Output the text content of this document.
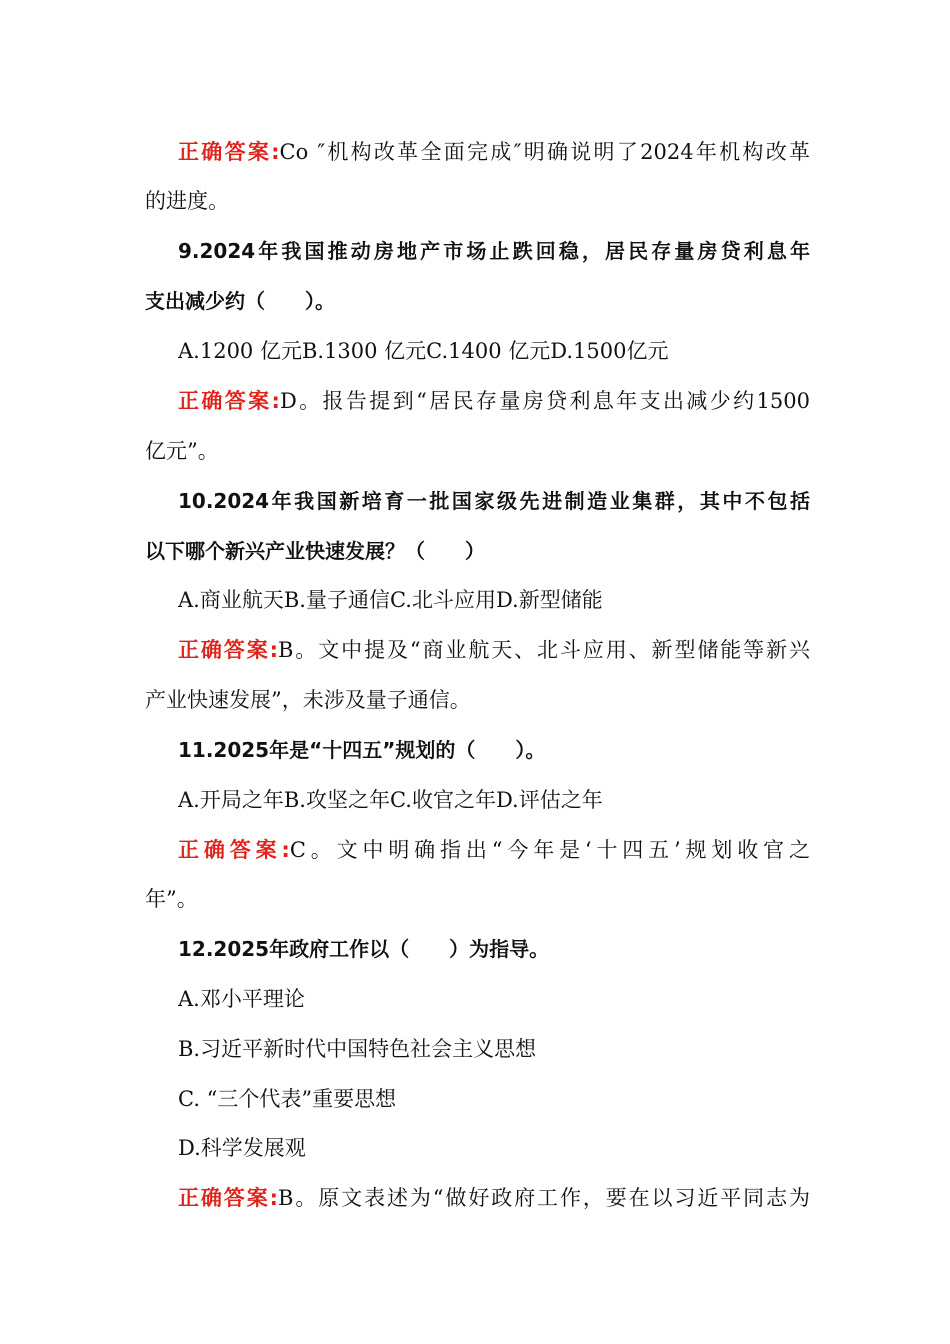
正确答案:Co ″机构改革全面完成″明确说明了2024年机构改革
的进度。
9.2024年我国推动房地产市场止跌回稳，居民存量房贷利息年
支出减少约（　　）。
A.1200 亿元B.1300 亿元C.1400 亿元D.1500亿元
正确答案:D。报告提到“居民存量房贷利息年支出减少约1500
亿元”。
10.2024年我国新培育一批国家级先进制造业集群，其中不包括
以下哪个新兴产业快速发展？（　　）
A.商业航天B.量子通信C.北斗应用D.新型储能
正确答案:B。文中提及“商业航天、北斗应用、新型储能等新兴
产业快速发展”，未涉及量子通信。
11.2025年是“十四五”规划的（　　）。
A.开局之年B.攻坚之年C.收官之年D.评估之年
正确答案:C。文中明确指出“今年是‘十四五’规划收官之
年”。
12.2025年政府工作以（　　）为指导。
A.邓小平理论
B.习近平新时代中国特色社会主义思想
C. “三个代表”重要思想
D.科学发展观
正确答案:B。原文表述为“做好政府工作，要在以习近平同志为
